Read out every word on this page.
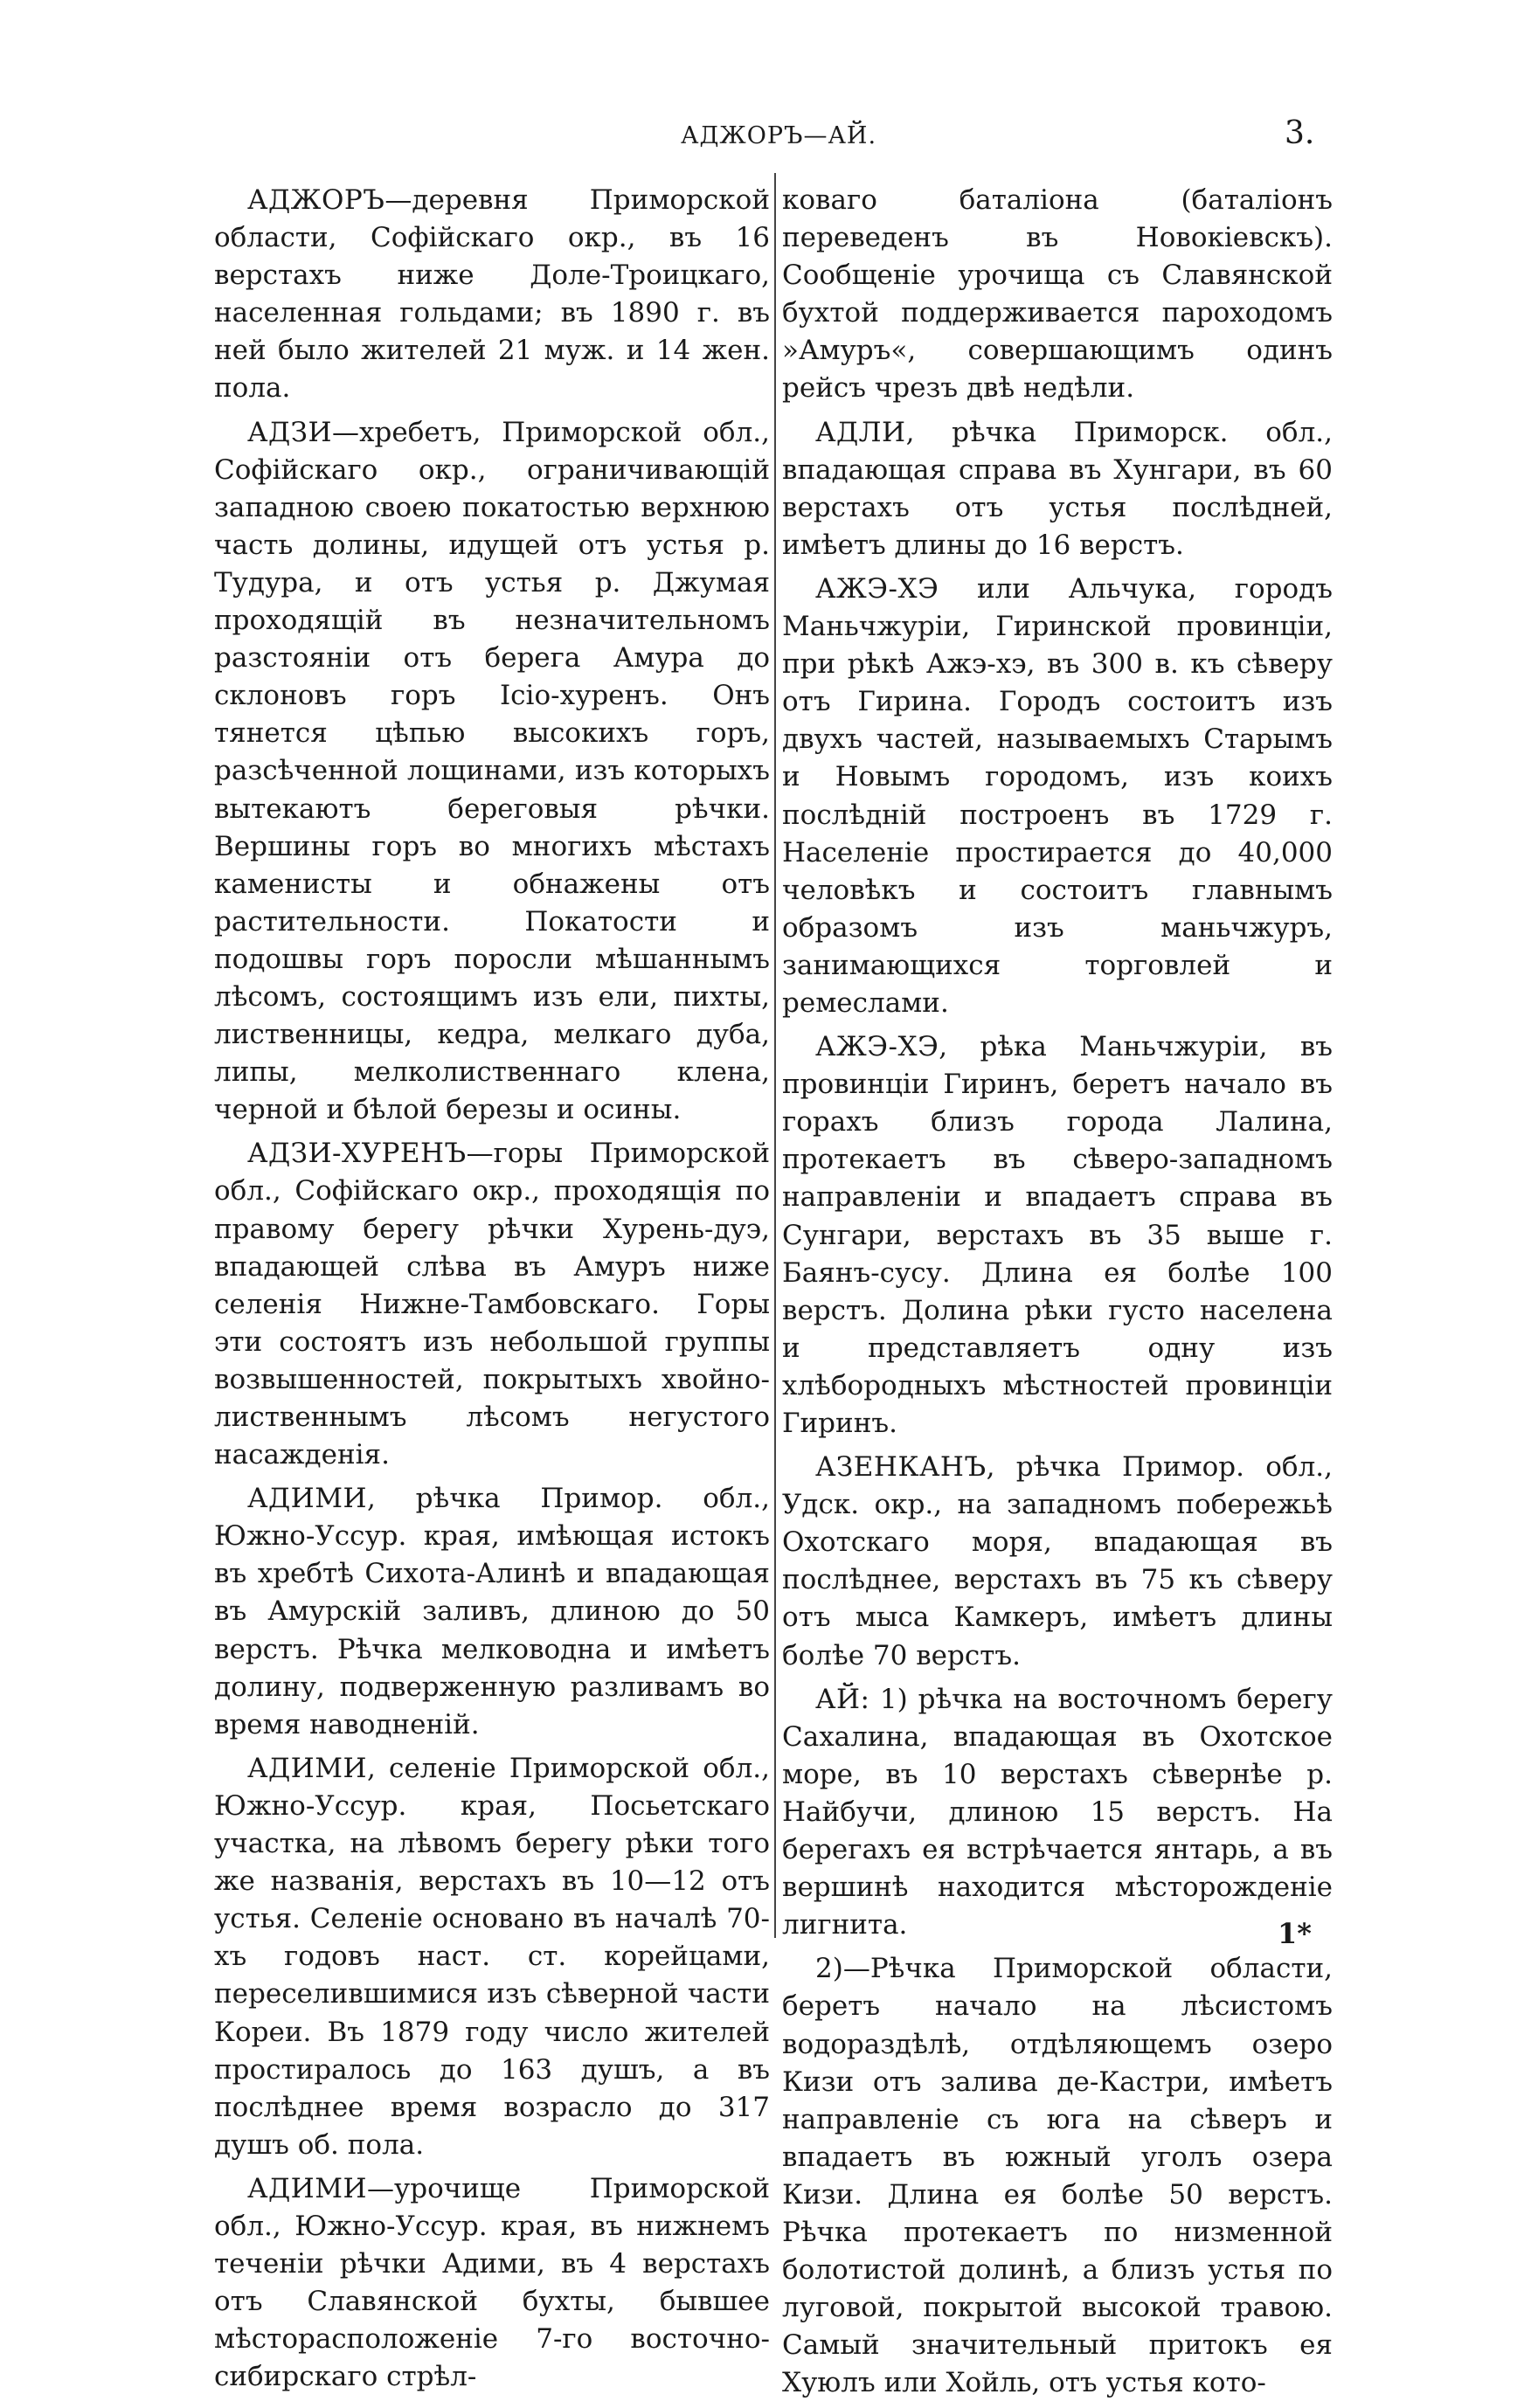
АДЖОРЪ—АЙ.	3.

АДЖОРЪ—деревня Приморской области, Софійскаго окр., въ 16 верстахъ ниже Доле-Троицкаго, населенная гольдами; въ 1890 г. въ ней было жителей 21 муж. и 14 жен. пола.

АДЗИ—хребетъ, Приморской обл., Софійскаго окр., ограничивающій западною своею покатостью верхнюю часть долины, идущей отъ устья р. Тудура, и отъ устья р. Джумая проходящій въ незначительномъ разстояніи отъ берега Амура до склоновъ горъ Ісіо-хуренъ. Онъ тянется цѣпью высокихъ горъ, разсѣченной лощинами, изъ которыхъ вытекаютъ береговыя рѣчки. Вершины горъ во многихъ мѣстахъ каменисты и обнажены отъ растительности. Покатости и подошвы горъ поросли мѣшаннымъ лѣсомъ, состоящимъ изъ ели, пихты, лиственницы, кедра, мелкаго дуба, липы, мелколиственнаго клена, черной и бѣлой березы и осины.

АДЗИ-ХУРЕНЪ—горы Приморской обл., Софійскаго окр., проходящія по правому берегу рѣчки Хурень-дуэ, впадающей слѣва въ Амуръ ниже селенія Нижне-Тамбовскаго. Горы эти состоятъ изъ небольшой группы возвышенностей, покрытыхъ хвойно-лиственнымъ лѣсомъ негустого насажденія.

АДИМИ, рѣчка Примор. обл., Южно-Уссур. края, имѣющая истокъ въ хребтѣ Сихота-Алинѣ и впадающая въ Амурскій заливъ, длиною до 50 верстъ. Рѣчка мелководна и имѣетъ долину, подверженную разливамъ во время наводненій.

АДИМИ, селеніе Приморской обл., Южно-Уссур. края, Посьетскаго участка, на лѣвомъ берегу рѣки того же названія, верстахъ въ 10—12 отъ устья. Селеніе основано въ началѣ 70-хъ годовъ наст. ст. корейцами, переселившимися изъ сѣверной части Кореи. Въ 1879 году число жителей простиралось до 163 душъ, а въ послѣднее время возрасло до 317 душъ об. пола.

АДИМИ—урочище Приморской обл., Южно-Уссур. края, въ нижнемъ теченіи рѣчки Адими, въ 4 верстахъ отъ Славянской бухты, бывшее мѣсторасположеніе 7-го восточно-сибирскаго стрѣл-

коваго баталіона (баталіонъ переведенъ въ Новокіевскъ). Сообщеніе урочища съ Славянской бухтой поддерживается пароходомъ »Амуръ«, совершающимъ одинъ рейсъ чрезъ двѣ недѣли.

АДЛИ, рѣчка Приморск. обл., впадающая справа въ Хунгари, въ 60 верстахъ отъ устья послѣдней, имѣетъ длины до 16 верстъ.

АЖЭ-ХЭ или Альчука, городъ Маньчжуріи, Гиринской провинціи, при рѣкѣ Ажэ-хэ, въ 300 в. къ сѣверу отъ Гирина. Городъ состоитъ изъ двухъ частей, называемыхъ Старымъ и Новымъ городомъ, изъ коихъ послѣдній построенъ въ 1729 г. Населеніе простирается до 40,000 человѣкъ и состоитъ главнымъ образомъ изъ маньчжуръ, занимающихся торговлей и ремеслами.

АЖЭ-ХЭ, рѣка Маньчжуріи, въ провинціи Гиринъ, беретъ начало въ горахъ близъ города Лалина, протекаетъ въ сѣверо-западномъ направленіи и впадаетъ справа въ Сунгари, верстахъ въ 35 выше г. Баянъ-сусу. Длина ея болѣе 100 верстъ. Долина рѣки густо населена и представляетъ одну изъ хлѣбородныхъ мѣстностей провинціи Гиринъ.

АЗЕНКАНЪ, рѣчка Примор. обл., Удск. окр., на западномъ побережьѣ Охотскаго моря, впадающая въ послѣднее, верстахъ въ 75 къ сѣверу отъ мыса Камкеръ, имѣетъ длины болѣе 70 верстъ.

АЙ: 1) рѣчка на восточномъ берегу Сахалина, впадающая въ Охотское море, въ 10 верстахъ сѣвернѣе р. Найбучи, длиною 15 верстъ. На берегахъ ея встрѣчается янтарь, а въ вершинѣ находится мѣсторожденіе лигнита.

2)—Рѣчка Приморской области, беретъ начало на лѣсистомъ водораздѣлѣ, отдѣляющемъ озеро Кизи отъ залива де-Кастри, имѣетъ направленіе съ юга на сѣверъ и впадаетъ въ южный уголъ озера Кизи. Длина ея болѣе 50 верстъ. Рѣчка протекаетъ по низменной болотистой долинѣ, а близъ устья по луговой, покрытой высокой травою. Самый значительный притокъ ея Хуюлъ или Хойль, отъ устья кото-

1*
